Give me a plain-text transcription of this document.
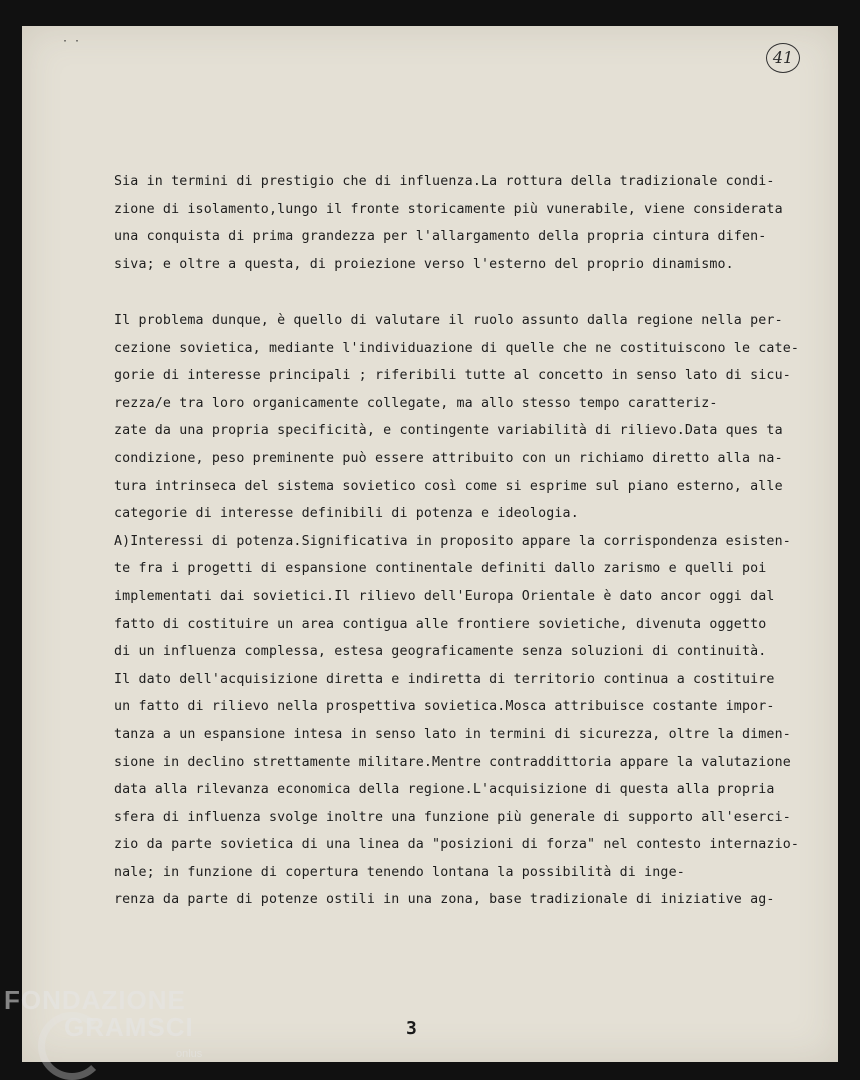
· ·
41
Sia in termini di prestigio che di influenza.La rottura della tradizionale condi-
zione di isolamento,lungo il fronte storicamente più vunerabile, viene considerata
una conquista di prima grandezza per l'allargamento della propria cintura difen-
siva; e oltre a questa, di proiezione verso l'esterno del proprio dinamismo.
Il problema dunque, è quello di valutare il ruolo assunto dalla regione nella per-
cezione sovietica, mediante l'individuazione di quelle che ne costituiscono le cate-
gorie di interesse principali ; riferibili tutte al concetto in senso lato di sicu-
rezza/e tra loro organicamente collegate, ma allo stesso tempo caratteriz-
zate da una propria specificità, e contingente variabilità di rilievo.Data ques ta
condizione, peso preminente può essere attribuito con un richiamo diretto alla na-
tura intrinseca del sistema sovietico così come si esprime sul piano esterno, alle
categorie di interesse definibili di potenza e ideologia.
A)Interessi di potenza.Significativa in proposito appare la corrispondenza esisten-
te fra i progetti di espansione continentale definiti dallo zarismo e quelli poi
implementati dai sovietici.Il rilievo dell'Europa Orientale è dato ancor oggi dal
fatto di costituire un area contigua alle frontiere sovietiche, divenuta oggetto
di un influenza complessa, estesa geograficamente senza soluzioni di continuità.
Il dato dell'acquisizione diretta e indiretta di territorio continua a costituire
un fatto di rilievo nella prospettiva sovietica.Mosca attribuisce costante impor-
tanza a un espansione intesa in senso lato in termini di sicurezza, oltre la dimen-
sione in declino strettamente militare.Mentre contraddittoria appare la valutazione
data alla rilevanza economica della regione.L'acquisizione di questa alla propria
sfera di influenza svolge inoltre una funzione più generale di supporto all'eserci-
zio da parte sovietica di una linea da "posizioni di forza" nel contesto internazio-
nale; in funzione di copertura tenendo lontana la possibilità di inge-
renza da parte di potenze ostili in una zona, base tradizionale di iniziative ag-
3
FONDAZIONE
GRAMSCI
onlus
